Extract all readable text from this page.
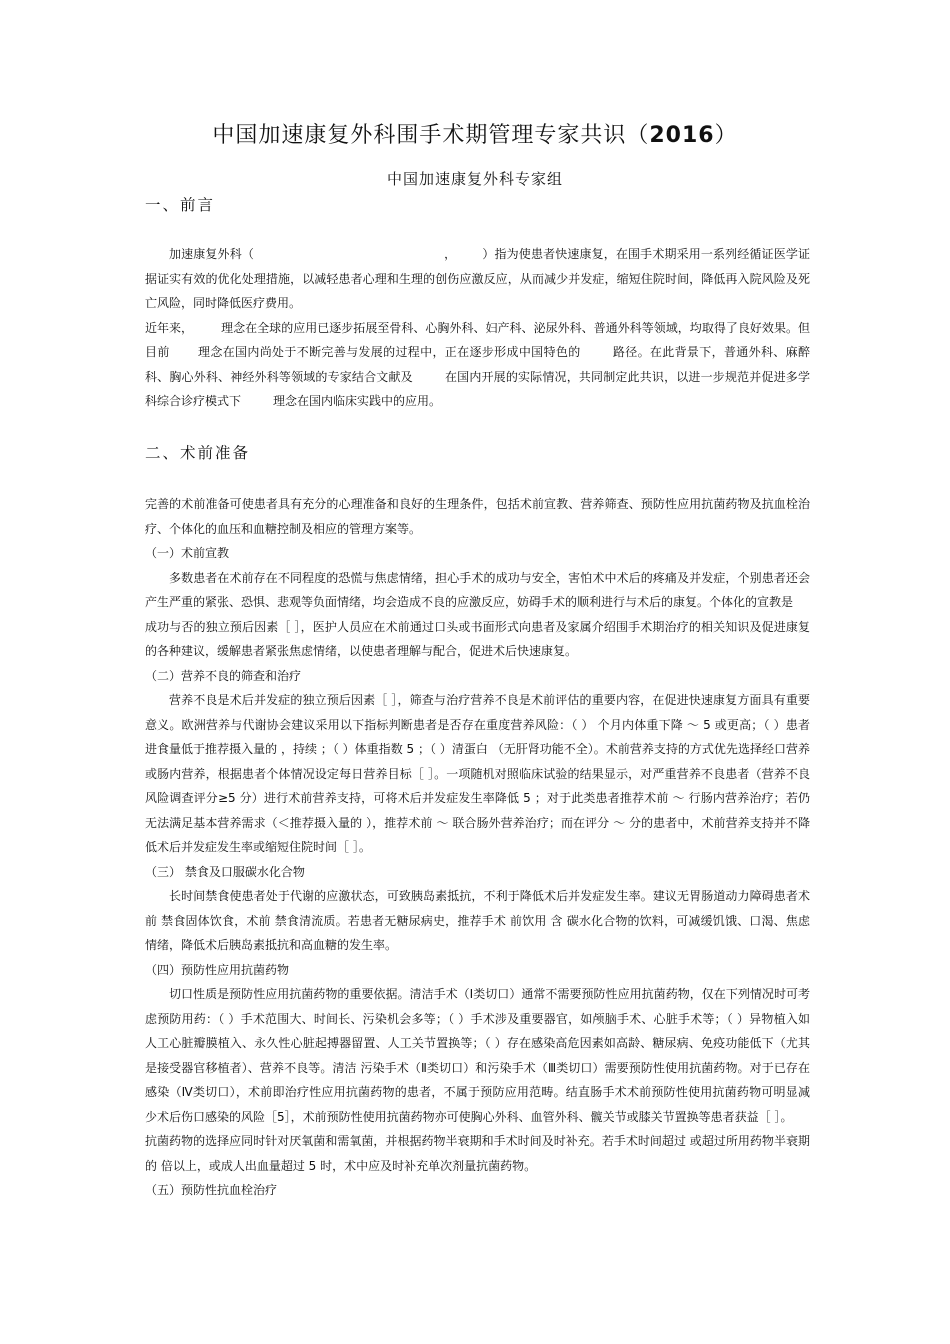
中国加速康复外科围手术期管理专家共识（2016）
中国加速康复外科专家组
一、前言

加速康复外科（	， ）指为使患者快速康复，在围手术期采用一系列经循证医学证据证实有效的优化处理措施，以减轻患者心理和生理的创伤应激反应，从而减少并发症，缩短住院时间，降低再入院风险及死亡风险，同时降低医疗费用。

近年来， 理念在全球的应用已逐步拓展至骨科、心胸外科、妇产科、泌尿外科、普通外科等领域，均取得了良好效果。但目前 理念在国内尚处于不断完善与发展的过程中，正在逐步形成中国特色的	路径。在此背景下，普通外科、麻醉科、胸心外科、神经外科等领域的专家结合文献及	在国内开展的实际情况，共同制定此共识，以进一步规范并促进多学科综合诊疗模式下	理念在国内临床实践中的应用。

二、术前准备

完善的术前准备可使患者具有充分的心理准备和良好的生理条件，包括术前宣教、营养筛查、预防性应用抗菌药物及抗血栓治疗、个体化的血压和血糖控制及相应的管理方案等。

（一）术前宣教

多数患者在术前存在不同程度的恐慌与焦虑情绪，担心手术的成功与安全，害怕术中术后的疼痛及并发症，个别患者还会产生严重的紧张、恐惧、悲观等负面情绪，均会造成不良的应激反应，妨碍手术的顺利进行与术后的康复。个体化的宣教是

成功与否的独立预后因素［ ］，医护人员应在术前通过口头或书面形式向患者及家属介绍围手术期治疗的相关知识及促进康复的各种建议，缓解患者紧张焦虑情绪，以使患者理解与配合，促进术后快速康复。

（二）营养不良的筛查和治疗

营养不良是术后并发症的独立预后因素［ ］，筛查与治疗营养不良是术前评估的重要内容，在促进快速康复方面具有重要意义。欧洲营养与代谢协会建议采用以下指标判断患者是否存在重度营养风险：（ ） 个月内体重下降 ～ 5 或更高；（ ）患者进食量低于推荐摄入量的 ，持续 ；（ ）体重指数 5 ；（ ）清蛋白 （无肝肾功能不全）。术前营养支持的方式优先选择经口营养或肠内营养，根据患者个体情况设定每日营养目标［ ］。一项随机对照临床试验的结果显示，对严重营养不良患者（营养不良风险调查评分≥5 分）进行术前营养支持，可将术后并发症发生率降低 5 ；对于此类患者推荐术前 ～ 行肠内营养治疗；若仍无法满足基本营养需求（＜推荐摄入量的 ），推荐术前 ～ 联合肠外营养治疗；而在评分 ～ 分的患者中，术前营养支持并不降低术后并发症发生率或缩短住院时间［ ］。

（三） 禁食及口服碳水化合物

长时间禁食使患者处于代谢的应激状态，可致胰岛素抵抗，不利于降低术后并发症发生率。建议无胃肠道动力障碍患者术前 禁食固体饮食，术前 禁食清流质。若患者无糖尿病史，推荐手术 前饮用 含 碳水化合物的饮料，可减缓饥饿、口渴、焦虑情绪，降低术后胰岛素抵抗和高血糖的发生率。

（四）预防性应用抗菌药物

切口性质是预防性应用抗菌药物的重要依据。清洁手术（Ⅰ类切口）通常不需要预防性应用抗菌药物，仅在下列情况时可考虑预防用药：（ ）手术范围大、时间长、污染机会多等；（ ）手术涉及重要器官，如颅脑手术、心脏手术等；（ ）异物植入如人工心脏瓣膜植入、永久性心脏起搏器留置、人工关节置换等；（ ）存在感染高危因素如高龄、糖尿病、免疫功能低下（尤其是接受器官移植者）、营养不良等。清洁 污染手术（Ⅱ类切口）和污染手术（Ⅲ类切口）需要预防性使用抗菌药物。对于已存在感染（Ⅳ类切口），术前即治疗性应用抗菌药物的患者，不属于预防应用范畴。结直肠手术术前预防性使用抗菌药物可明显减少术后伤口感染的风险［5］，术前预防性使用抗菌药物亦可使胸心外科、血管外科、髋关节或膝关节置换等患者获益［ ］。

抗菌药物的选择应同时针对厌氧菌和需氧菌，并根据药物半衰期和手术时间及时补充。若手术时间超过 或超过所用药物半衰期的 倍以上，或成人出血量超过 5 时，术中应及时补充单次剂量抗菌药物。

（五）预防性抗血栓治疗
